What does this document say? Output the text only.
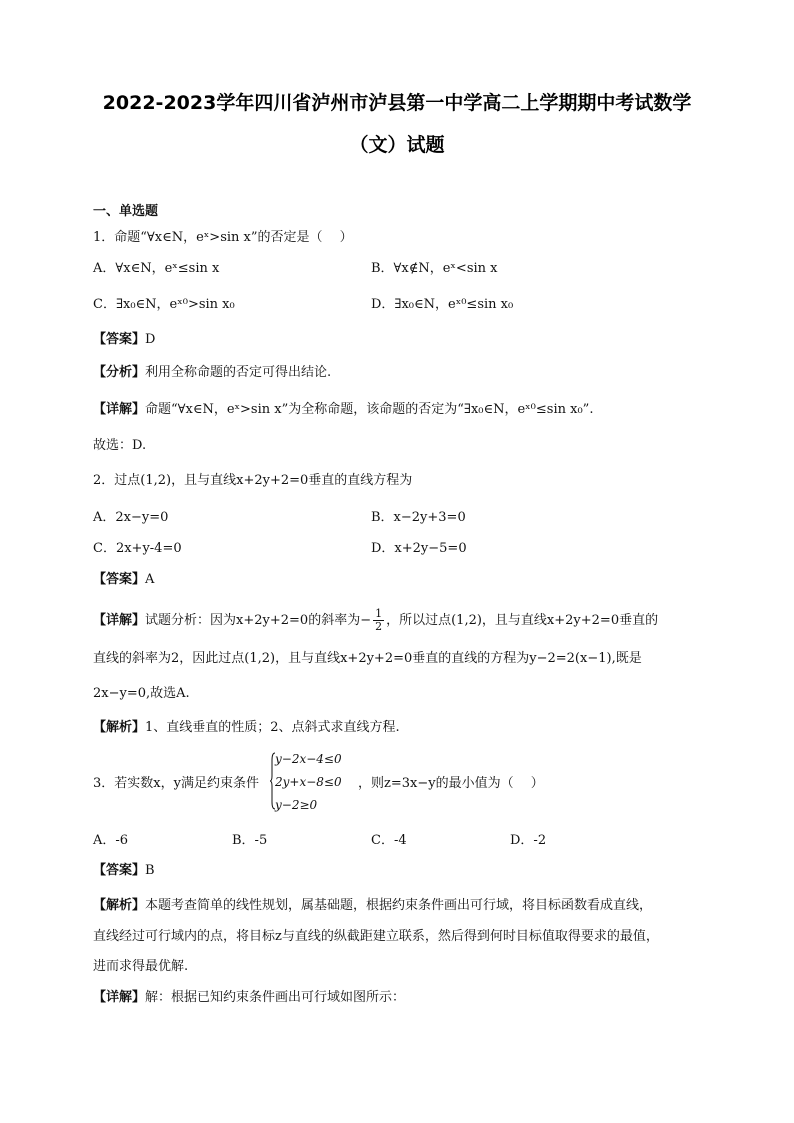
2022-2023学年四川省泸州市泸县第一中学高二上学期期中考试数学
（文）试题
一、单选题
1．命题“∀x∈N，eˣ>sin x”的否定是（　 ）
A．∀x∈N，eˣ≤sin x	B．∀x∉N，eˣ<sin x
C．∃x₀∈N，eˣ⁰>sin x₀	D．∃x₀∈N，eˣ⁰≤sin x₀
【答案】D
【分析】利用全称命题的否定可得出结论.
【详解】命题“∀x∈N，eˣ>sin x”为全称命题，该命题的否定为“∃x₀∈N，eˣ⁰≤sin x₀”.
故选：D.
2．过点(1,2)，且与直线x+2y+2=0垂直的直线方程为
A．2x−y=0	B．x−2y+3=0
C．2x+y-4=0	D．x+2y−5=0
【答案】A
【详解】试题分析：因为x+2y+2=0的斜率为− $\frac{1}{2}$ ，所以过点(1,2)，且与直线x+2y+2=0垂直的
直线的斜率为2，因此过点(1,2)，且与直线x+2y+2=0垂直的直线的方程为y−2=2(x−1),既是
2x−y=0,故选A.
【解析】1、直线垂直的性质；2、点斜式求直线方程.
3．若实数x，y满足约束条件
y−2x−4≤0
2y+x−8≤0
y−2≥0
，则z=3x−y的最小值为（　 ）
A．-6	B．-5	C．-4	D．-2
【答案】B
【解析】本题考查简单的线性规划，属基础题，根据约束条件画出可行域，将目标函数看成直线，
直线经过可行域内的点，将目标z与直线的纵截距建立联系，然后得到何时目标值取得要求的最值，
进而求得最优解.
【详解】解：根据已知约束条件画出可行域如图所示：
